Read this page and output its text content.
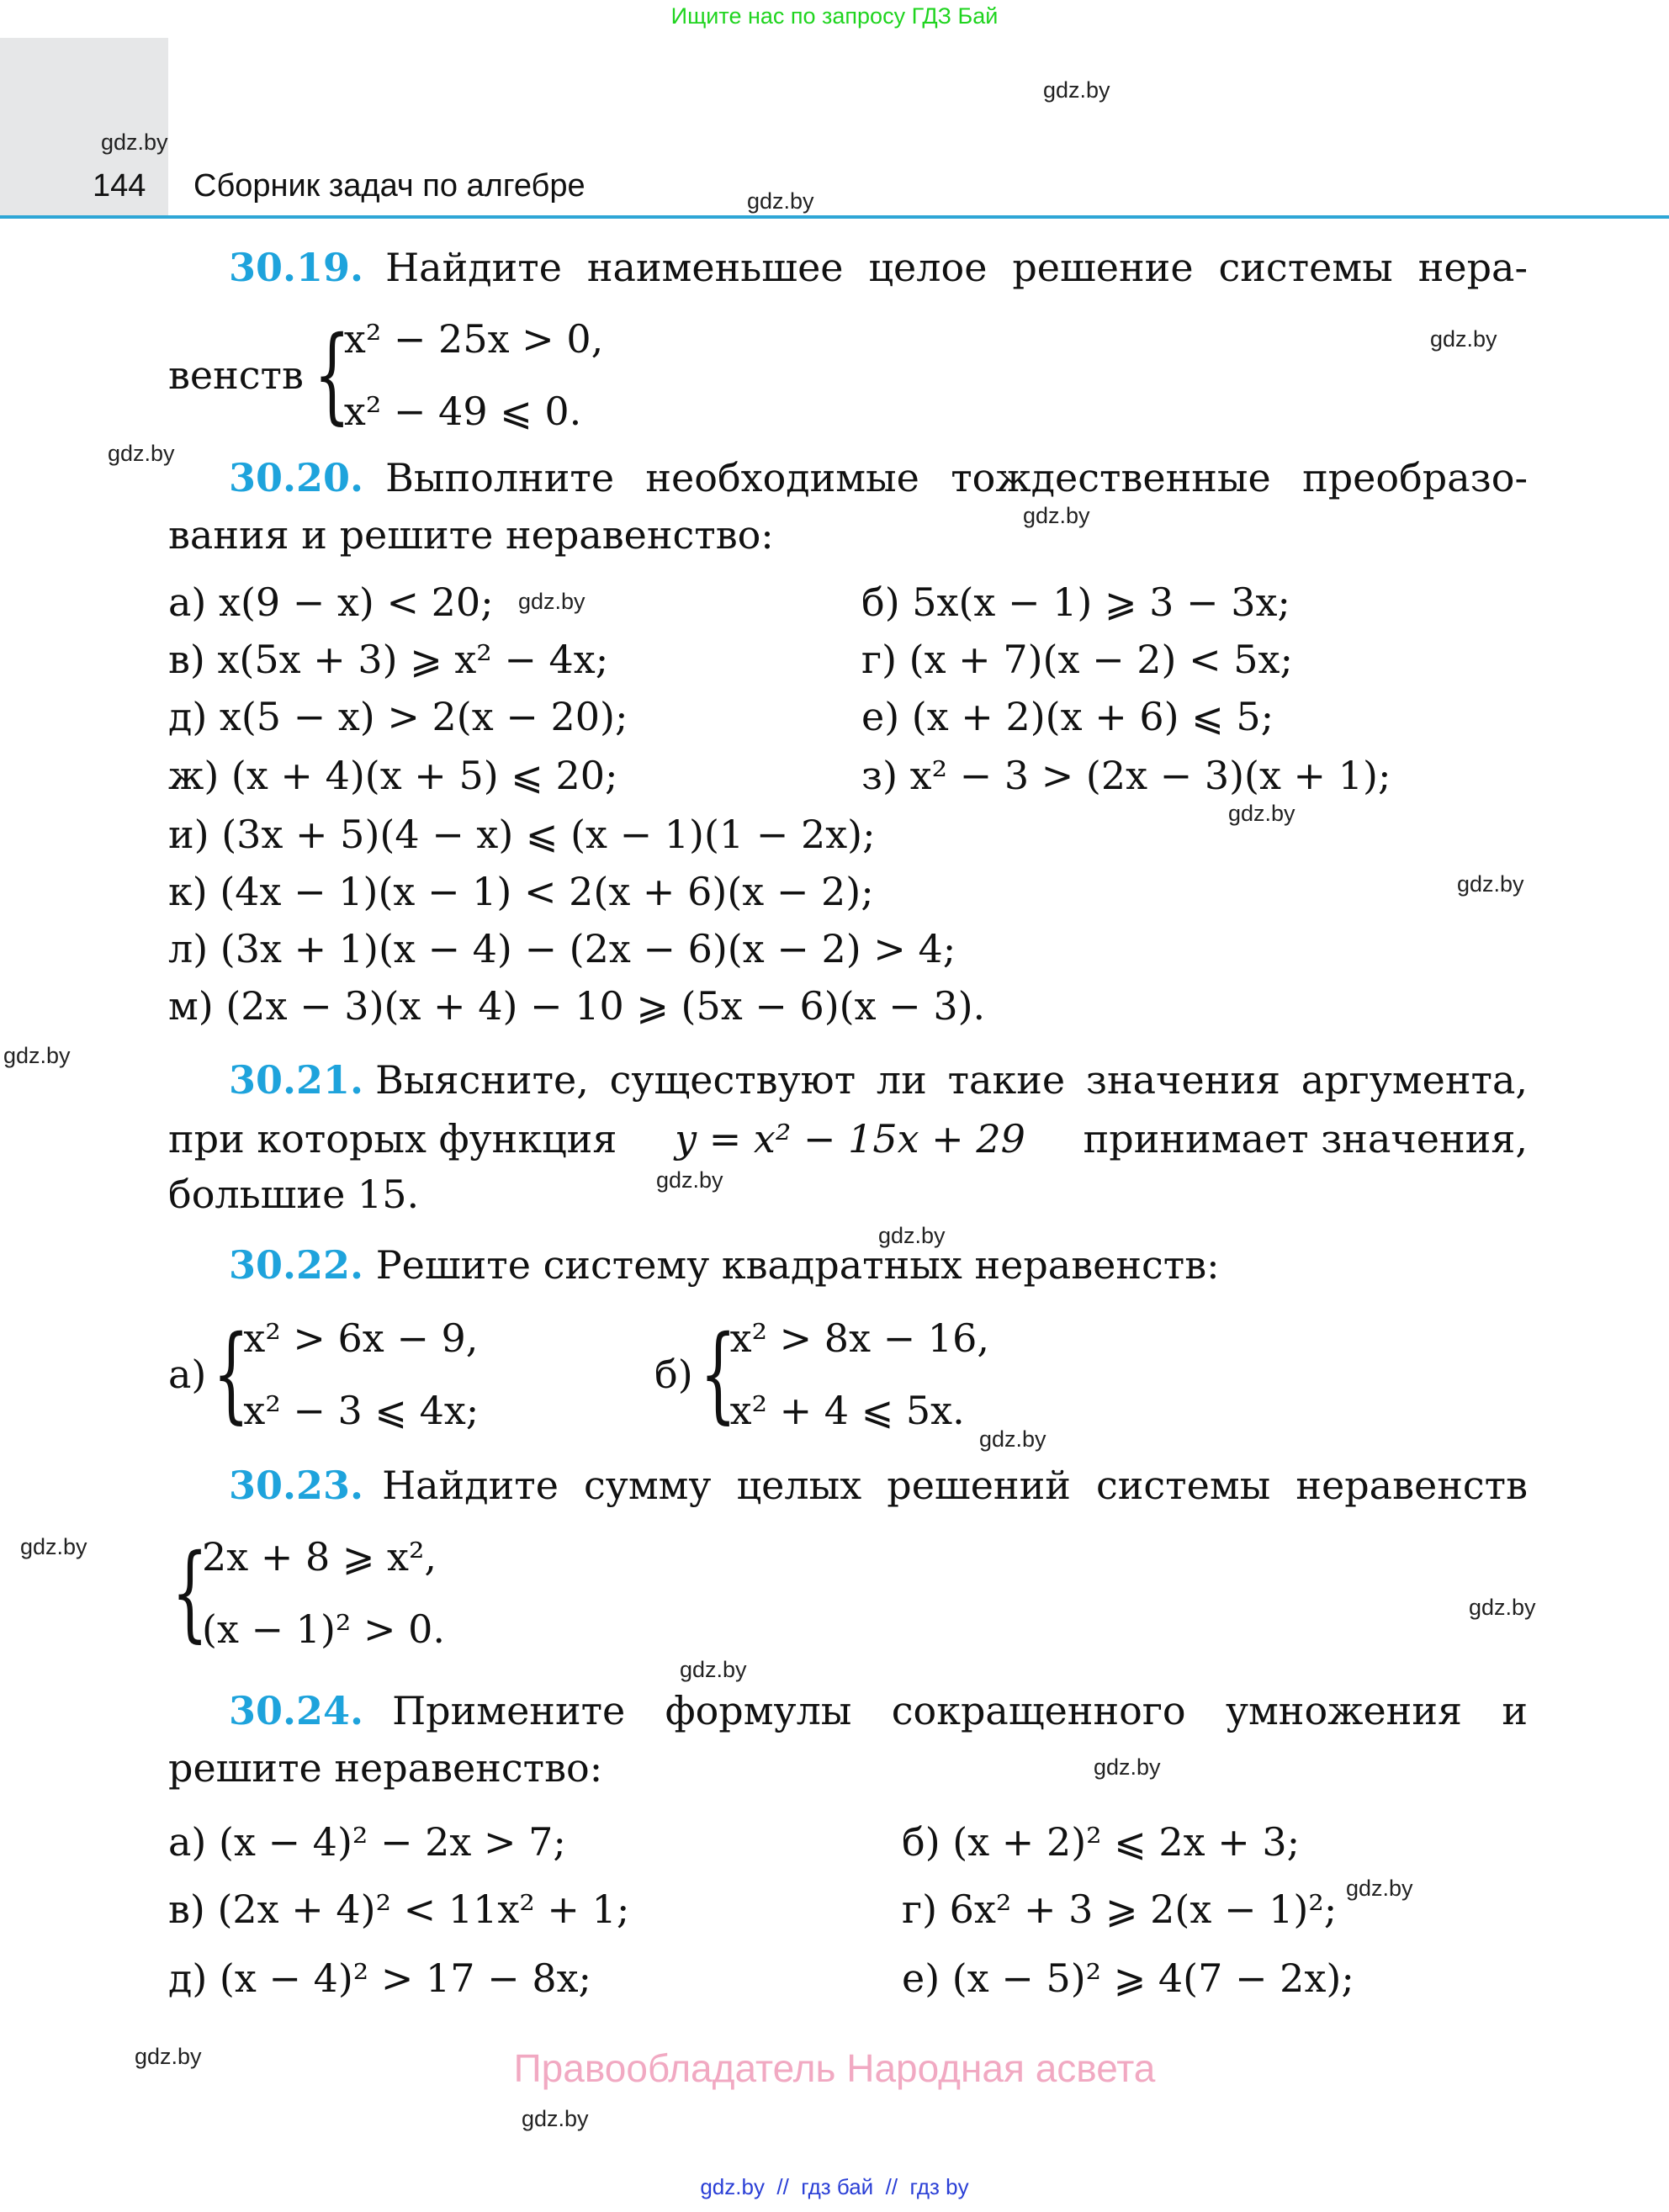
Ищите нас по запросу ГДЗ Бай
144 Сборник задач по алгебре
gdz.by
gdz.by
gdz.by
gdz.by
gdz.by
gdz.by
gdz.by
gdz.by
gdz.by
gdz.by
gdz.by
gdz.by
gdz.by
gdz.by
gdz.by
gdz.by
gdz.by
gdz.by
gdz.by
gdz.by
30.19. Найдите наименьшее целое решение системы нера-
венств {
x² − 25x > 0,
x² − 49 ⩽ 0.
30.20. Выполните необходимые тождественные преобразо-
вания и решите неравенство:
а) x(9 − x) < 20;	б) 5x(x − 1) ⩾ 3 − 3x;
в) x(5x + 3) ⩾ x² − 4x;	г) (x + 7)(x − 2) < 5x;
д) x(5 − x) > 2(x − 20);	е) (x + 2)(x + 6) ⩽ 5;
ж) (x + 4)(x + 5) ⩽ 20;	з) x² − 3 > (2x − 3)(x + 1);
и) (3x + 5)(4 − x) ⩽ (x − 1)(1 − 2x);
к) (4x − 1)(x − 1) < 2(x + 6)(x − 2);
л) (3x + 1)(x − 4) − (2x − 6)(x − 2) > 4;
м) (2x − 3)(x + 4) − 10 ⩾ (5x − 6)(x − 3).
30.21. Выясните, существуют ли такие значения аргумента,
при которых функция y = x² − 15x + 29 принимает значения,
большие 15.
30.22. Решите систему квадратных неравенств:
а) {
x² > 6x − 9,
x² − 3 ⩽ 4x;
б) {
x² > 8x − 16,
x² + 4 ⩽ 5x.
30.23. Найдите сумму целых решений системы неравенств
{
2x + 8 ⩾ x²,
(x − 1)² > 0.
30.24. Примените формулы сокращенного умножения и
решите неравенство:
а) (x − 4)² − 2x > 7;	б) (x + 2)² ⩽ 2x + 3;
в) (2x + 4)² < 11x² + 1;	г) 6x² + 3 ⩾ 2(x − 1)²;
д) (x − 4)² > 17 − 8x;	е) (x − 5)² ⩾ 4(7 − 2x);
Правообладатель Народная асвета
gdz.by  //  гдз бай  //  гдз by
